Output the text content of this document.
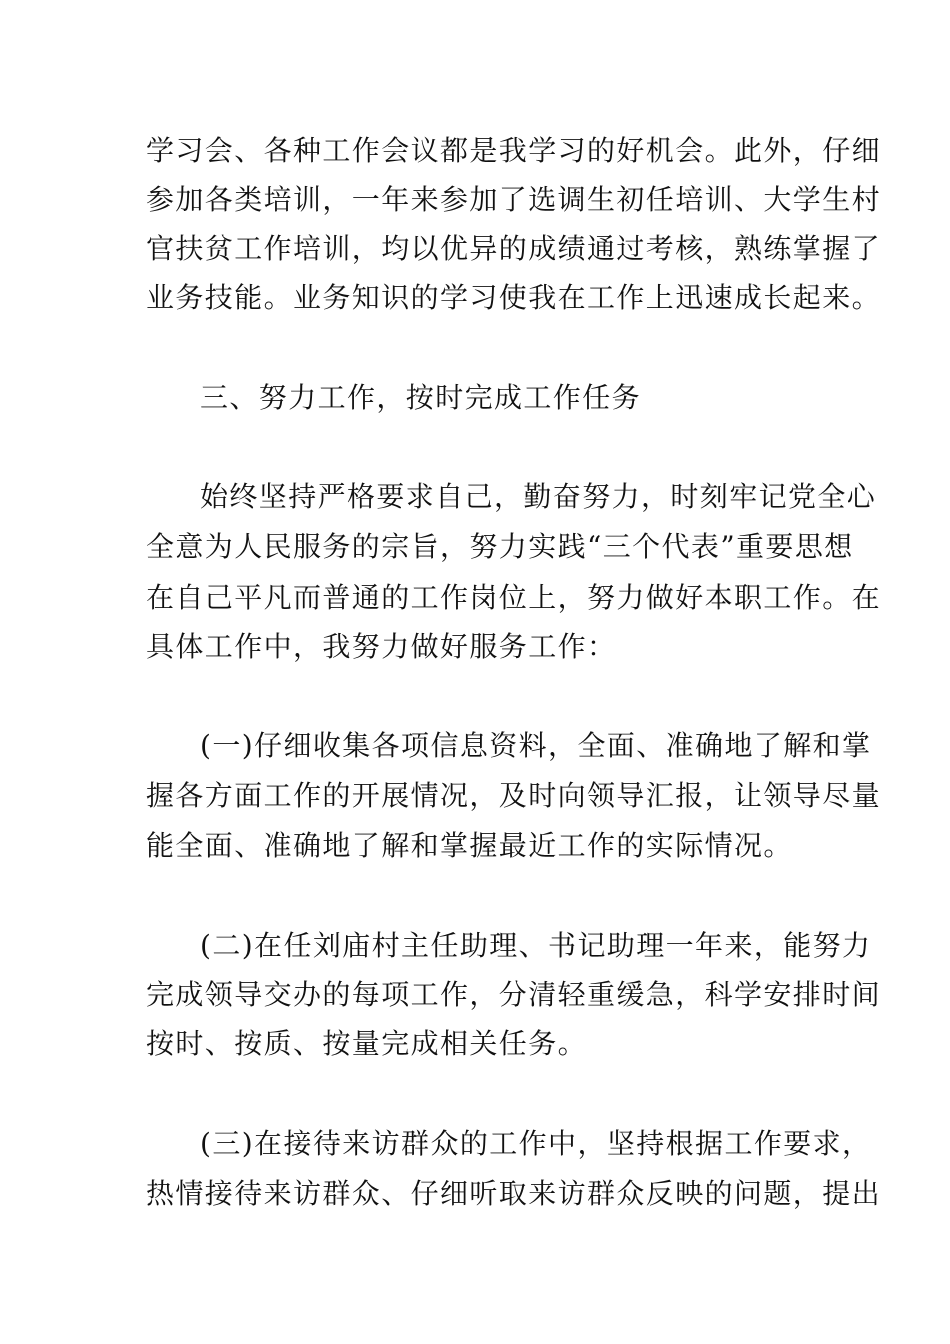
学习会、各种工作会议都是我学习的好机会。此外，仔细
参加各类培训，一年来参加了选调生初任培训、大学生村
官扶贫工作培训，均以优异的成绩通过考核，熟练掌握了
业务技能。业务知识的学习使我在工作上迅速成长起来。
三、努力工作，按时完成工作任务
始终坚持严格要求自己，勤奋努力，时刻牢记党全心
全意为人民服务的宗旨，努力实践“三个代表”重要思想
在自己平凡而普通的工作岗位上，努力做好本职工作。在
具体工作中，我努力做好服务工作：
(一)仔细收集各项信息资料，全面、准确地了解和掌
握各方面工作的开展情况，及时向领导汇报，让领导尽量
能全面、准确地了解和掌握最近工作的实际情况。
(二)在任刘庙村主任助理、书记助理一年来，能努力
完成领导交办的每项工作，分清轻重缓急，科学安排时间
按时、按质、按量完成相关任务。
(三)在接待来访群众的工作中，坚持根据工作要求，
热情接待来访群众、仔细听取来访群众反映的问题，提出
